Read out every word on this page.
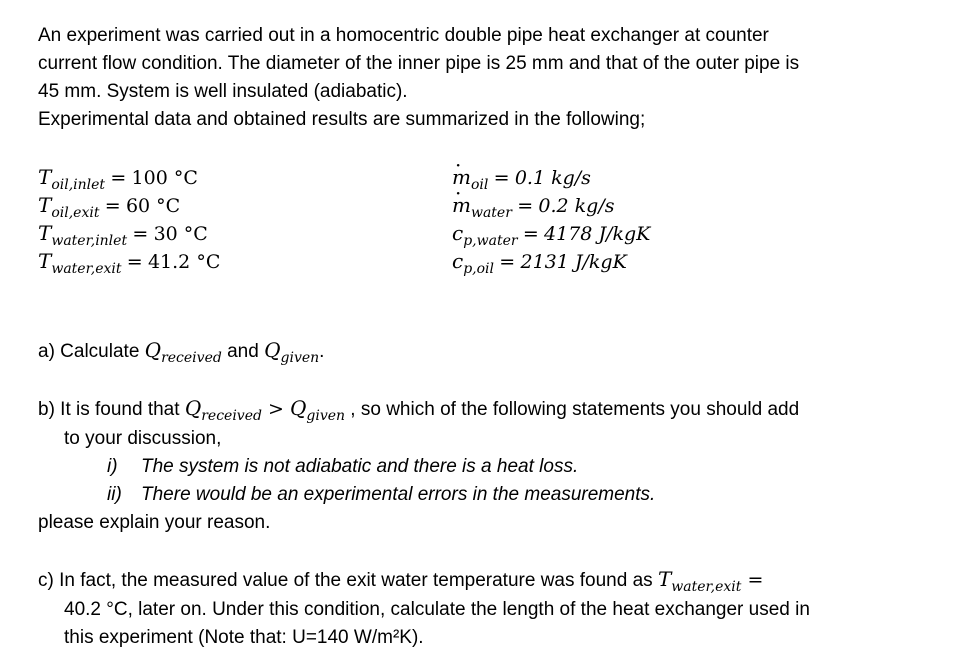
An experiment was carried out in a homocentric double pipe heat exchanger at counter
current flow condition. The diameter of the inner pipe is 25 mm and that of the outer pipe is
45 mm. System is well insulated (adiabatic).
Experimental data and obtained results are summarized in the following;
$T_{oil,inlet} = 100$ °C
$T_{oil,exit} = 60$ °C
$T_{water,inlet} = 30$ °C
$T_{water,exit} = 41.2$ °C
· $m_{oil} = 0.1$ kg/s
· $m_{water} = 0.2$ kg/s
$c_{p,water} = 4178$ J/kgK
$c_{p,oil} = 2131$ J/kgK
a) Calculate $Q_{received}$ and $Q_{given}$.
b) It is found that $Q_{received} > Q_{given}$ , so which of the following statements you should add
to your discussion,
i) The system is not adiabatic and there is a heat loss.
ii) There would be an experimental errors in the measurements.
please explain your reason.
c) In fact, the measured value of the exit water temperature was found as $T_{water,exit}$ =
40.2 °C, later on. Under this condition, calculate the length of the heat exchanger used in
this experiment (Note that: U=140 W/m²K).
